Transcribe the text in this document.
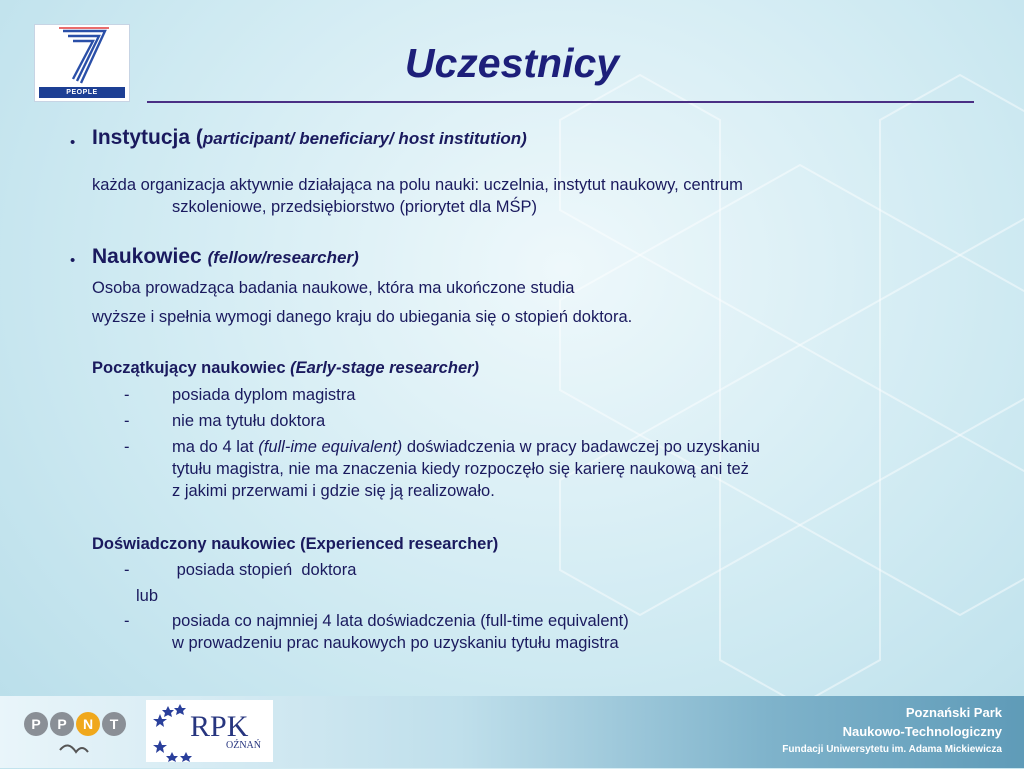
PEOPLE
Uczestnicy
• Instytucja (participant/ beneficiary/ host institution)
każda organizacja aktywnie działająca na polu nauki: uczelnia, instytut naukowy, centrum
szkoleniowe, przedsiębiorstwo (priorytet dla MŚP)
• Naukowiec (fellow/researcher)
Osoba prowadząca badania naukowe, która ma ukończone studia
wyższe i spełnia wymogi danego kraju do ubiegania się o stopień doktora.
Początkujący naukowiec (Early-stage researcher)
-	posiada dyplom magistra
-	nie ma tytułu doktora
-	ma do 4 lat (full-ime equivalent) doświadczenia w pracy badawczej po uzyskaniu
tytułu magistra, nie ma znaczenia kiedy rozpoczęło się karierę naukową ani też
z jakimi przerwami i gdzie się ją realizowało.
Doświadczony naukowiec (Experienced researcher)
-	posiada stopień  doktora
lub
-	posiada co najmniej 4 lata doświadczenia (full-time equivalent)
w prowadzeniu prac naukowych po uzyskaniu tytułu magistra
P P N T RPK
OŹNAŃ
Poznański Park
Naukowo-Technologiczny
Fundacji Uniwersytetu im. Adama Mickiewicza
